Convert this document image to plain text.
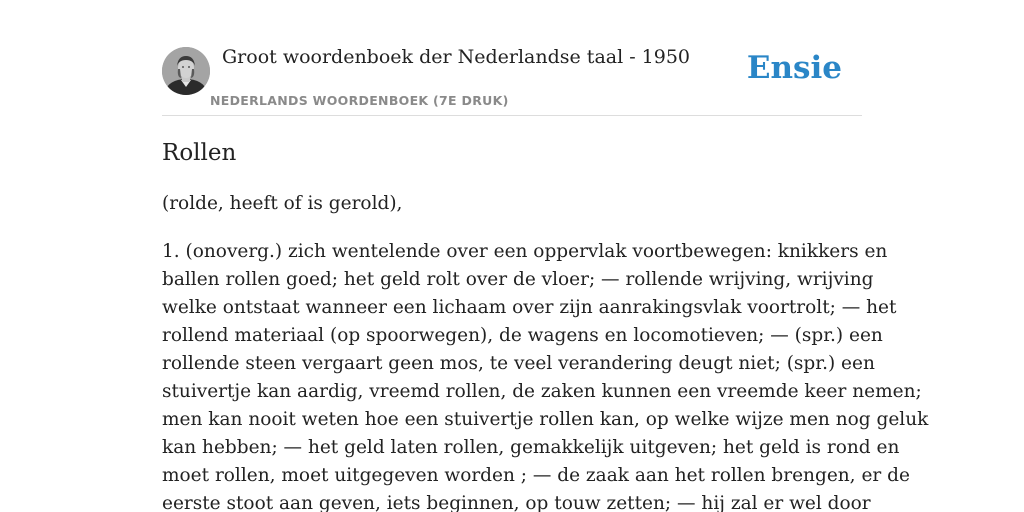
Groot woordenboek der Nederlandse taal - 1950
NEDERLANDS WOORDENBOEK (7E DRUK)
Ensie
Rollen

(rolde, heeft of is gerold),

1. (onoverg.) zich wentelende over een oppervlak voortbewegen: knikkers en
ballen rollen goed; het geld rolt over de vloer; — rollende wrijving, wrijving
welke ontstaat wanneer een lichaam over zijn aanrakingsvlak voortrolt; — het
rollend materiaal (op spoorwegen), de wagens en locomotieven; — (spr.) een
rollende steen vergaart geen mos, te veel verandering deugt niet; (spr.) een
stuivertje kan aardig, vreemd rollen, de zaken kunnen een vreemde keer nemen;
men kan nooit weten hoe een stuivertje rollen kan, op welke wijze men nog geluk
kan hebben; — het geld laten rollen, gemakkelijk uitgeven; het geld is rond en
moet rollen, moet uitgegeven worden ; — de zaak aan het rollen brengen, er de
eerste stoot aan geven, iets beginnen, op touw zetten; — hij zal er wel door
